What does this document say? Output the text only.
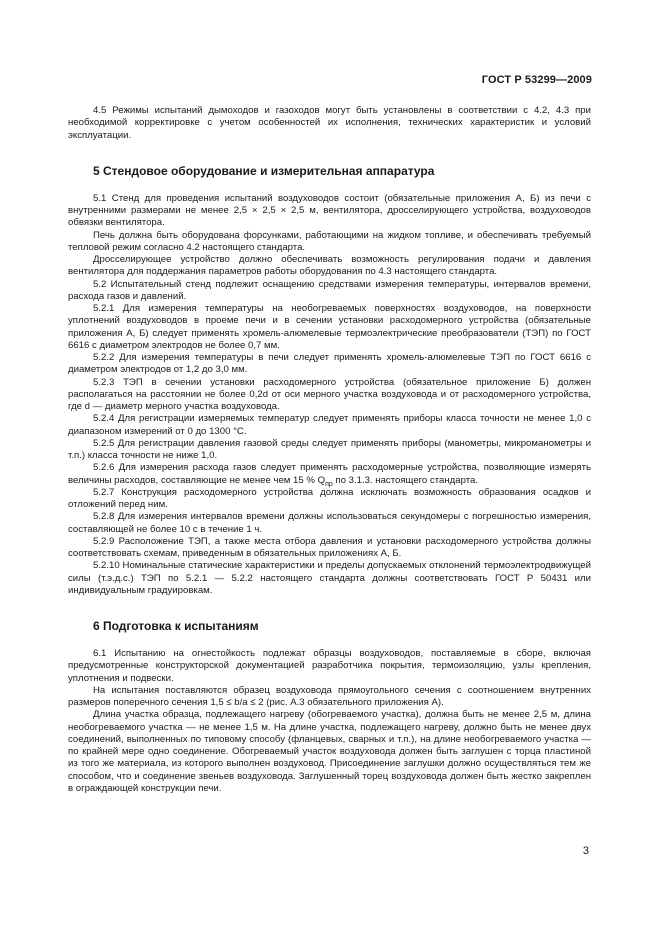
ГОСТ Р 53299—2009

4.5 Режимы испытаний дымоходов и газоходов могут быть установлены в соответствии с 4.2, 4.3 при необходимой корректировке с учетом особенностей их исполнения, технических характеристик и условий эксплуатации.

5 Стендовое оборудование и измерительная аппаратура

5.1 Стенд для проведения испытаний воздуховодов состоит (обязательные приложения А, Б) из печи с внутренними размерами не менее 2,5 × 2,5 × 2,5 м, вентилятора, дросселирующего устройства, воздуховодов обвязки вентилятора.

Печь должна быть оборудована форсунками, работающими на жидком топливе, и обеспечивать требуемый тепловой режим согласно 4.2 настоящего стандарта.

Дросселирующее устройство должно обеспечивать возможность регулирования подачи и давления вентилятора для поддержания параметров работы оборудования по 4.3 настоящего стандарта.

5.2 Испытательный стенд подлежит оснащению средствами измерения температуры, интервалов времени, расхода газов и давлений.

5.2.1 Для измерения температуры на необогреваемых поверхностях воздуховодов, на поверхности уплотнений воздуховодов в проеме печи и в сечении установки расходомерного устройства (обязательные приложения А, Б) следует применять хромель-алюмелевые термоэлектрические преобразователи (ТЭП) по ГОСТ 6616 с диаметром электродов не более 0,7 мм.

5.2.2 Для измерения температуры в печи следует применять хромель-алюмелевые ТЭП по ГОСТ 6616 с диаметром электродов от 1,2 до 3,0 мм.

5.2.3 ТЭП в сечении установки расходомерного устройства (обязательное приложение Б) должен располагаться на расстоянии не более 0,2d от оси мерного участка воздуховода и от расходомерного устройства, где d — диаметр мерного участка воздуховода.

5.2.4 Для регистрации измеряемых температур следует применять приборы класса точности не менее 1,0 с диапазоном измерений от 0 до 1300 °С.

5.2.5 Для регистрации давления газовой среды следует применять приборы (манометры, микроманометры и т.п.) класса точности не ниже 1,0.

5.2.6 Для измерения расхода газов следует применять расходомерные устройства, позволяющие измерять величины расходов, составляющие не менее чем 15 % $Q_{пр}$ по 3.1.3. настоящего стандарта.

5.2.7 Конструкция расходомерного устройства должна исключать возможность образования осадков и отложений перед ним.

5.2.8 Для измерения интервалов времени должны использоваться секундомеры с погрешностью измерения, составляющей не более 10 с в течение 1 ч.

5.2.9 Расположение ТЭП, а также места отбора давления и установки расходомерного устройства должны соответствовать схемам, приведенным в обязательных приложениях А, Б.

5.2.10 Номинальные статические характеристики и пределы допускаемых отклонений термоэлектродвижущей силы (т.э.д.с.) ТЭП по 5.2.1 — 5.2.2 настоящего стандарта должны соответствовать ГОСТ Р 50431 или индивидуальным градуировкам.

6 Подготовка к испытаниям

6.1 Испытанию на огнестойкость подлежат образцы воздуховодов, поставляемые в сборе, включая предусмотренные конструкторской документацией разработчика покрытия, термоизоляцию, узлы крепления, уплотнения и подвески.

На испытания поставляются образец воздуховода прямоугольного сечения с соотношением внутренних размеров поперечного сечения 1,5 ≤ b/a ≤ 2 (рис. А.3 обязательного приложения А).

Длина участка образца, подлежащего нагреву (обогреваемого участка), должна быть не менее 2,5 м, длина необогреваемого участка — не менее 1,5 м. На длине участка, подлежащего нагреву, должно быть не менее двух соединений, выполненных по типовому способу (фланцевых, сварных и т.п.), на длине необогреваемого участка — по крайней мере одно соединение. Обогреваемый участок воздуховода должен быть заглушен с торца пластиной из того же материала, из которого выполнен воздуховод. Присоединение заглушки должно осуществляться тем же способом, что и соединение звеньев воздуховода. Заглушенный торец воздуховода должен быть жестко закреплен в ограждающей конструкции печи.

3
